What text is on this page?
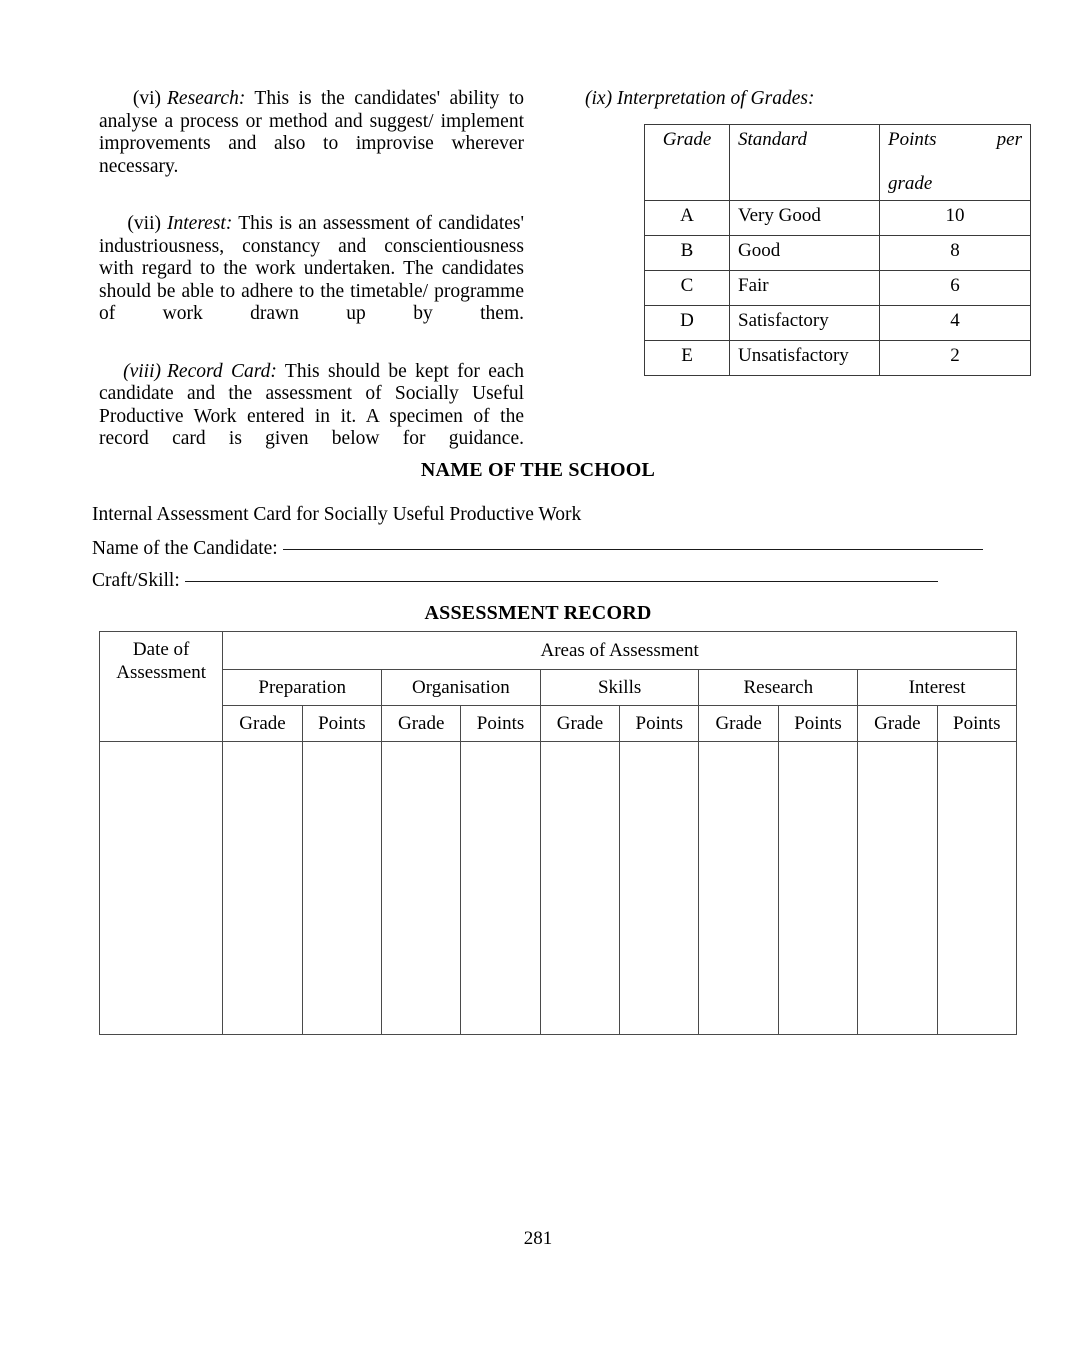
(vi) Research: This is the candidates' ability to analyse a process or method and suggest/ implement improvements and also to improvise wherever necessary.
(vii) Interest: This is an assessment of candidates' industriousness, constancy and conscientiousness with regard to the work undertaken. The candidates should be able to adhere to the timetable/ programme of work drawn up by them.
(viii) Record Card: This should be kept for each candidate and the assessment of Socially Useful Productive Work entered in it. A specimen of the record card is given below for guidance.
(ix) Interpretation of Grades:
Grade	Standard	Points pergrade
A	Very Good	10
B	Good	8
C	Fair	6
D	Satisfactory	4
E	Unsatisfactory	2
NAME OF THE SCHOOL
Internal Assessment Card for Socially Useful Productive Work
Name of the Candidate:
Craft/Skill:
ASSESSMENT RECORD
Date of
Assessment	Areas of Assessment									
	Preparation		Organisation		Skills		Research		Interest	
	Grade	Points	Grade	Points	Grade	Points	Grade	Points	Grade	Points

281
